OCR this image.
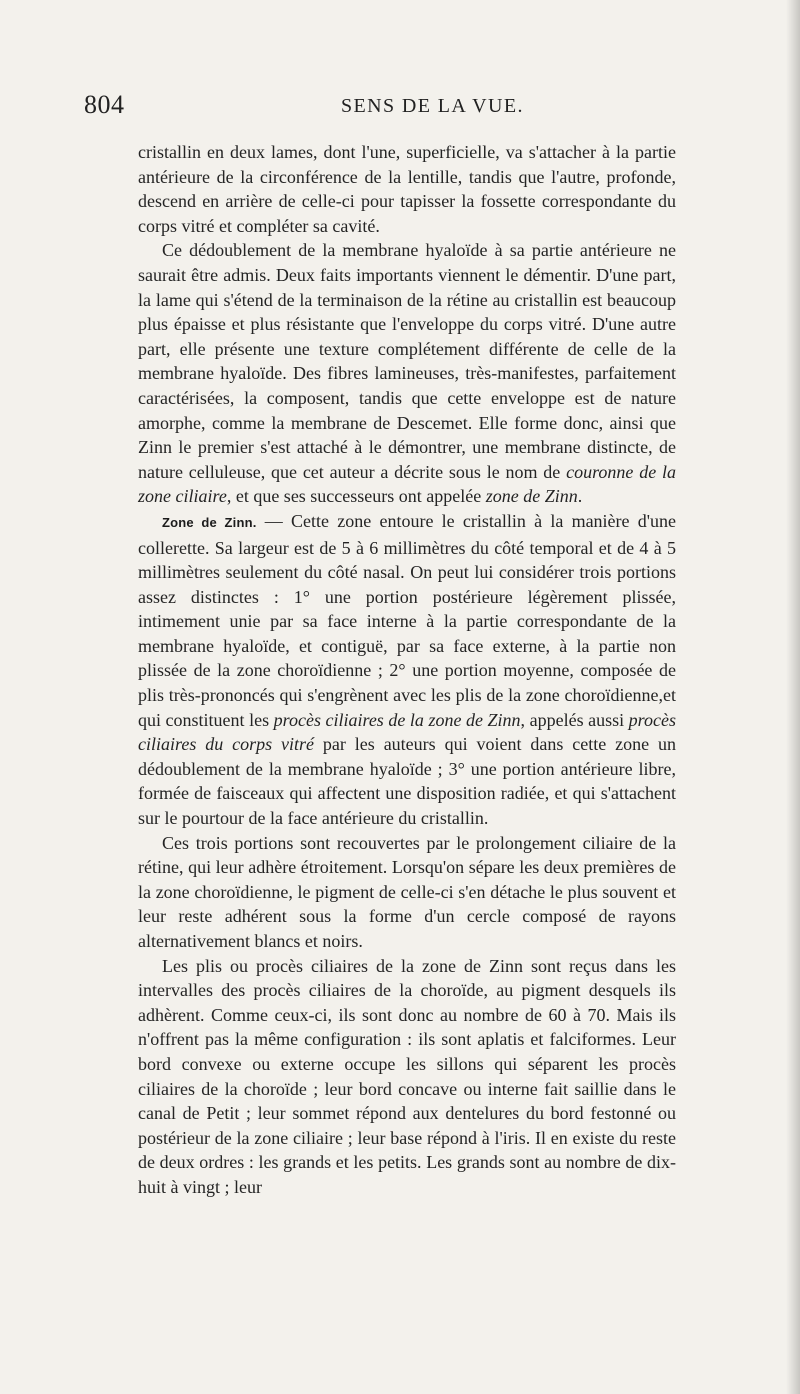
804	SENS DE LA VUE.

cristallin en deux lames, dont l'une, superficielle, va s'attacher à la partie antérieure de la circonférence de la lentille, tandis que l'autre, profonde, descend en arrière de celle-ci pour tapisser la fossette correspondante du corps vitré et compléter sa cavité.

Ce dédoublement de la membrane hyaloïde à sa partie antérieure ne saurait être admis. Deux faits importants viennent le démentir. D'une part, la lame qui s'étend de la terminaison de la rétine au cristallin est beaucoup plus épaisse et plus résistante que l'enveloppe du corps vitré. D'une autre part, elle présente une texture complétement différente de celle de la membrane hyaloïde. Des fibres lamineuses, très-manifestes, parfaitement caractérisées, la composent, tandis que cette enveloppe est de nature amorphe, comme la membrane de Descemet. Elle forme donc, ainsi que Zinn le premier s'est attaché à le démontrer, une membrane distincte, de nature celluleuse, que cet auteur a décrite sous le nom de couronne de la zone ciliaire, et que ses successeurs ont appelée zone de Zinn.

Zone de Zinn. — Cette zone entoure le cristallin à la manière d'une collerette. Sa largeur est de 5 à 6 millimètres du côté temporal et de 4 à 5 millimètres seulement du côté nasal. On peut lui considérer trois portions assez distinctes : 1° une portion postérieure légèrement plissée, intimement unie par sa face interne à la partie correspondante de la membrane hyaloïde, et contiguë, par sa face externe, à la partie non plissée de la zone choroïdienne ; 2° une portion moyenne, composée de plis très-prononcés qui s'engrènent avec les plis de la zone choroïdienne,et qui constituent les procès ciliaires de la zone de Zinn, appelés aussi procès ciliaires du corps vitré par les auteurs qui voient dans cette zone un dédoublement de la membrane hyaloïde ; 3° une portion antérieure libre, formée de faisceaux qui affectent une disposition radiée, et qui s'attachent sur le pourtour de la face antérieure du cristallin.

Ces trois portions sont recouvertes par le prolongement ciliaire de la rétine, qui leur adhère étroitement. Lorsqu'on sépare les deux premières de la zone choroïdienne, le pigment de celle-ci s'en détache le plus souvent et leur reste adhérent sous la forme d'un cercle composé de rayons alternativement blancs et noirs.

Les plis ou procès ciliaires de la zone de Zinn sont reçus dans les intervalles des procès ciliaires de la choroïde, au pigment desquels ils adhèrent. Comme ceux-ci, ils sont donc au nombre de 60 à 70. Mais ils n'offrent pas la même configuration : ils sont aplatis et falciformes. Leur bord convexe ou externe occupe les sillons qui séparent les procès ciliaires de la choroïde ; leur bord concave ou interne fait saillie dans le canal de Petit ; leur sommet répond aux dentelures du bord festonné ou postérieur de la zone ciliaire ; leur base répond à l'iris. Il en existe du reste de deux ordres : les grands et les petits. Les grands sont au nombre de dix-huit à vingt ; leur
